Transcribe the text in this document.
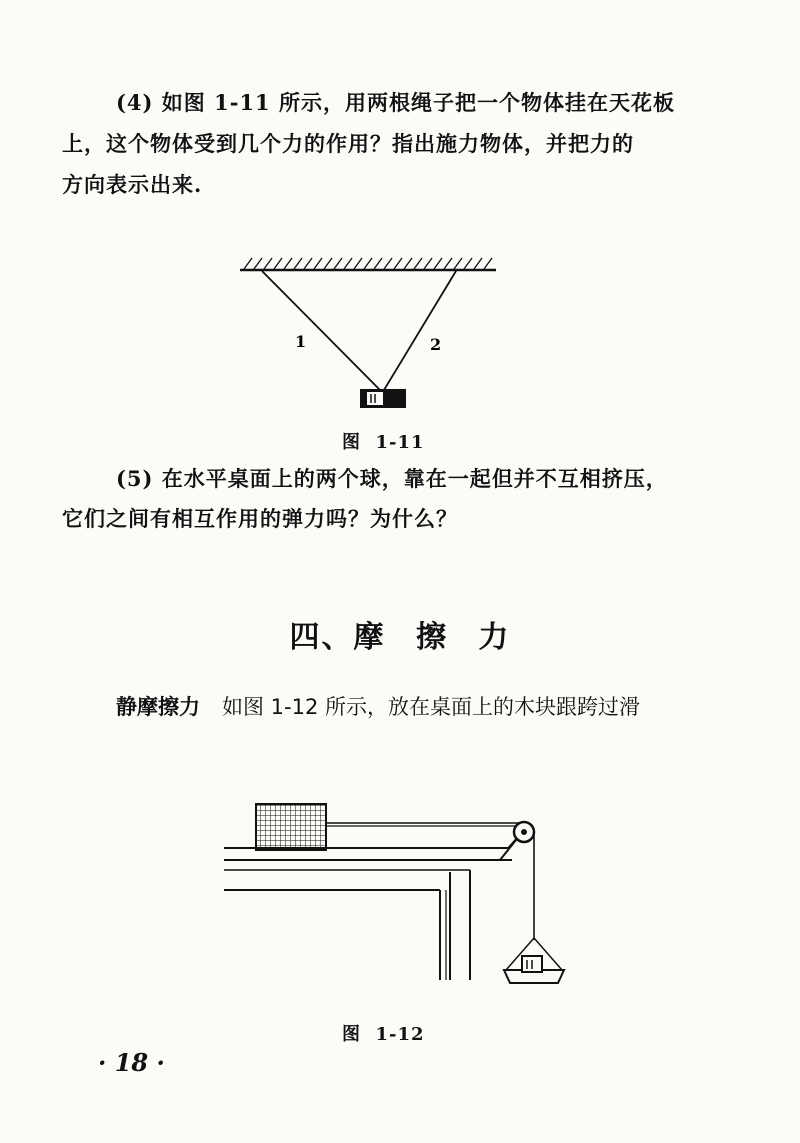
(4) 如图 1-11 所示，用两根绳子把一个物体挂在天花板

上，这个物体受到几个力的作用？指出施力物体，并把力的

方向表示出来.

1	2
图  1-11

(5) 在水平桌面上的两个球，靠在一起但并不互相挤压，

它们之间有相互作用的弹力吗？为什么？

四、摩 擦 力
静摩擦力 如图 1-12 所示，放在桌面上的木块跟跨过滑
图  1-12
· 18 ·
